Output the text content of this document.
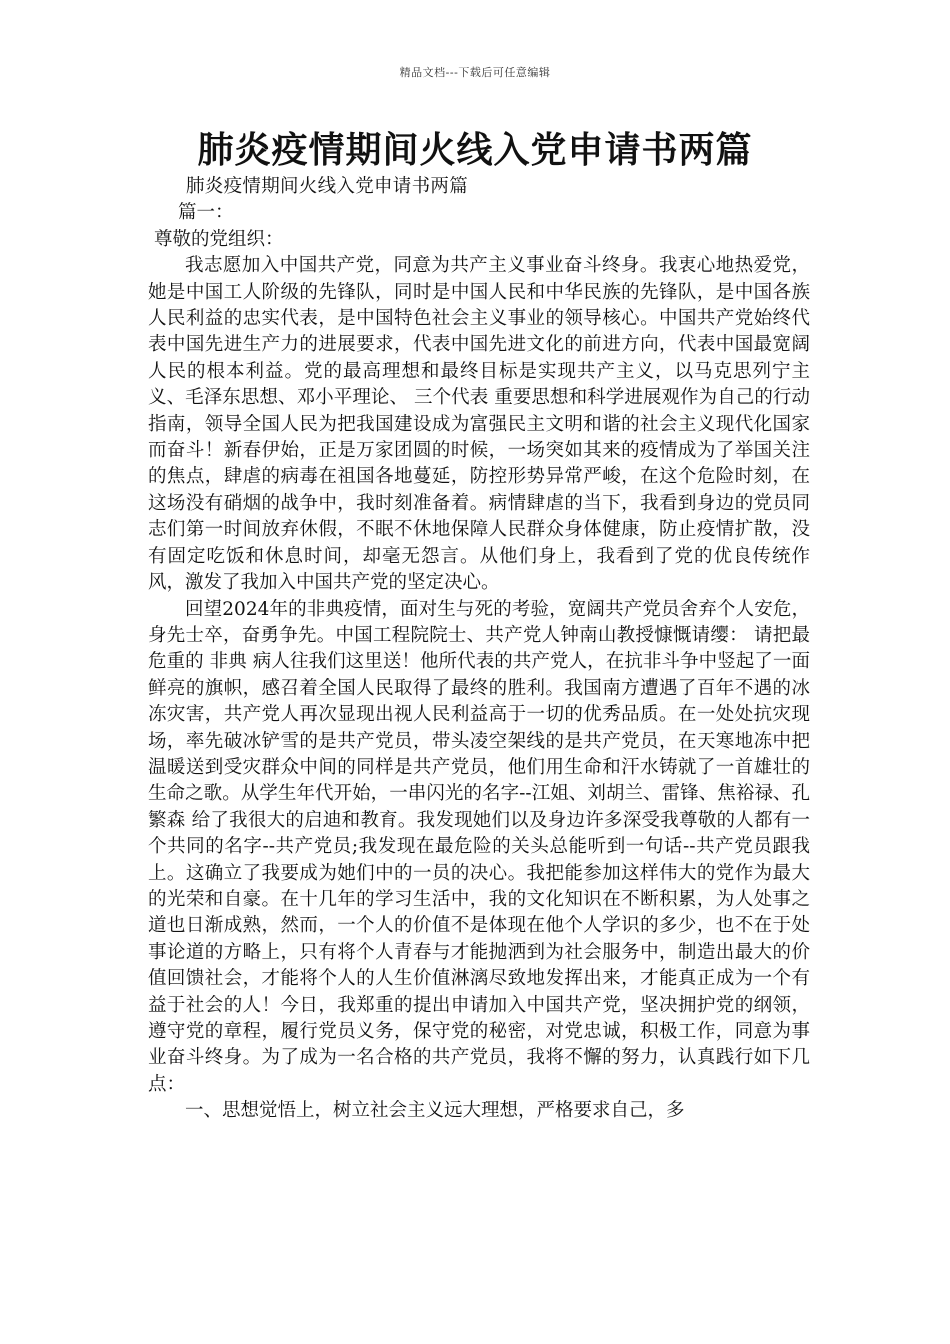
精品文档---下载后可任意编辑
肺炎疫情期间火线入党申请书两篇

肺炎疫情期间火线入党申请书两篇

篇一：

尊敬的党组织：

我志愿加入中国共产党，同意为共产主义事业奋斗终身。我衷心地热爱党，她是中国工人阶级的先锋队，同时是中国人民和中华民族的先锋队，是中国各族人民利益的忠实代表，是中国特色社会主义事业的领导核心。中国共产党始终代表中国先进生产力的进展要求，代表中国先进文化的前进方向，代表中国最宽阔人民的根本利益。党的最高理想和最终目标是实现共产主义，以马克思列宁主义、毛泽东思想、邓小平理论、 三个代表 重要思想和科学进展观作为自己的行动指南，领导全国人民为把我国建设成为富强民主文明和谐的社会主义现代化国家而奋斗！新春伊始，正是万家团圆的时候，一场突如其来的疫情成为了举国关注的焦点，肆虐的病毒在祖国各地蔓延，防控形势异常严峻，在这个危险时刻，在这场没有硝烟的战争中，我时刻准备着。病情肆虐的当下，我看到身边的党员同志们第一时间放弃休假，不眠不休地保障人民群众身体健康，防止疫情扩散，没有固定吃饭和休息时间，却毫无怨言。从他们身上，我看到了党的优良传统作风，激发了我加入中国共产党的坚定决心。

回望2024年的非典疫情，面对生与死的考验，宽阔共产党员舍弃个人安危，身先士卒，奋勇争先。中国工程院院士、共产党人钟南山教授慷慨请缨： 请把最危重的 非典 病人往我们这里送！他所代表的共产党人，在抗非斗争中竖起了一面鲜亮的旗帜，感召着全国人民取得了最终的胜利。我国南方遭遇了百年不遇的冰冻灾害，共产党人再次显现出视人民利益高于一切的优秀品质。在一处处抗灾现场，率先破冰铲雪的是共产党员，带头凌空架线的是共产党员，在天寒地冻中把温暖送到受灾群众中间的同样是共产党员，他们用生命和汗水铸就了一首雄壮的生命之歌。从学生年代开始，一串闪光的名字--江姐、刘胡兰、雷锋、焦裕禄、孔繁森 给了我很大的启迪和教育。我发现她们以及身边许多深受我尊敬的人都有一个共同的名字--共产党员;我发现在最危险的关头总能听到一句话--共产党员跟我上。这确立了我要成为她们中的一员的决心。我把能参加这样伟大的党作为最大的光荣和自豪。在十几年的学习生活中，我的文化知识在不断积累，为人处事之道也日渐成熟，然而，一个人的价值不是体现在他个人学识的多少，也不在于处事论道的方略上，只有将个人青春与才能抛洒到为社会服务中，制造出最大的价值回馈社会，才能将个人的人生价值淋漓尽致地发挥出来，才能真正成为一个有益于社会的人！今日，我郑重的提出申请加入中国共产党，坚决拥护党的纲领，遵守党的章程，履行党员义务，保守党的秘密，对党忠诚，积极工作，同意为事业奋斗终身。为了成为一名合格的共产党员，我将不懈的努力，认真践行如下几点：

一、思想觉悟上，树立社会主义远大理想，严格要求自己，多
